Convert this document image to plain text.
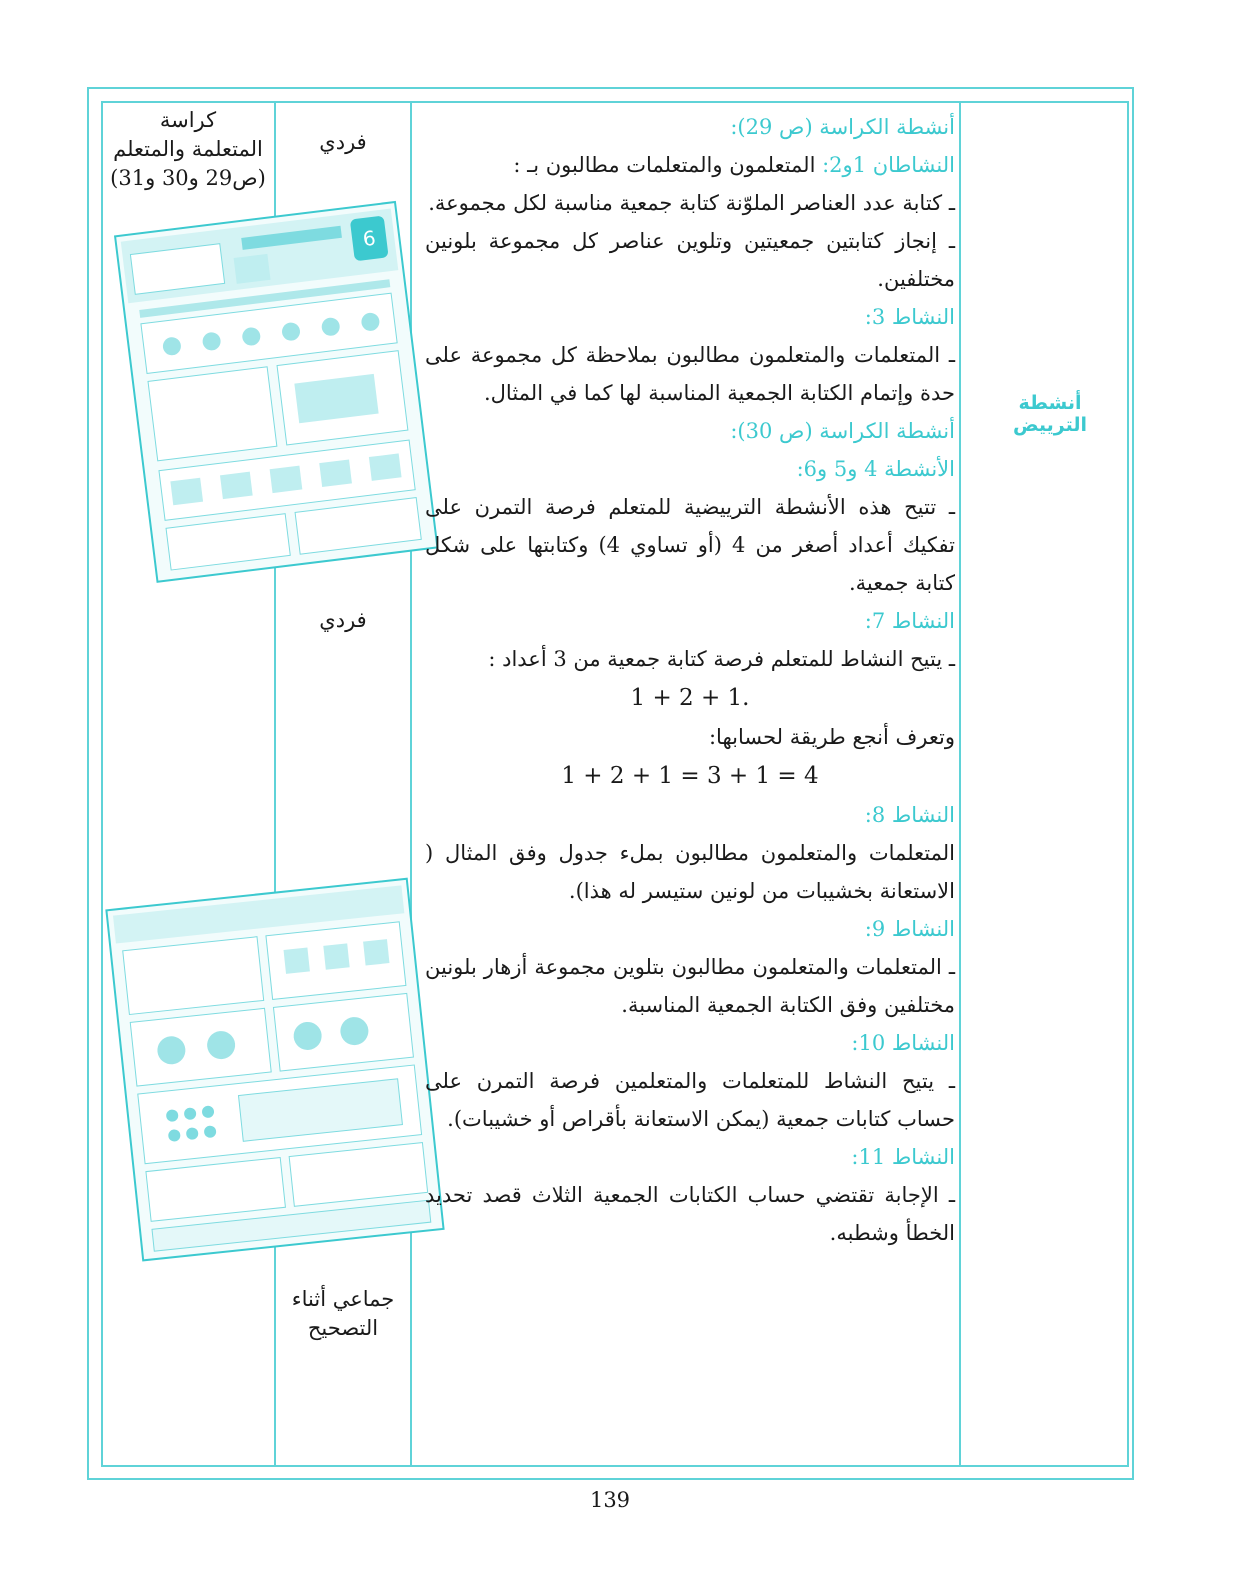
كراسة
المتعلمة والمتعلم
(ص29 و30 و31)
فردي
فردي
جماعي أثناء
التصحيح
أنشطة الترييض
6

أنشطة الكراسة (ص 29):

النشاطان 1و2: المتعلمون والمتعلمات مطالبون بـ :

ـ كتابة عدد العناصر الملوّنة كتابة جمعية مناسبة لكل مجموعة.

ـ إنجاز كتابتين جمعيتين وتلوين عناصر كل مجموعة بلونين مختلفين.

النشاط 3:

ـ المتعلمات والمتعلمون مطالبون بملاحظة كل مجموعة على حدة وإتمام الكتابة الجمعية المناسبة لها كما في المثال.

أنشطة الكراسة (ص 30):

الأنشطة 4 و5 و6:

ـ تتيح هذه الأنشطة الترييضية للمتعلم فرصة التمرن على تفكيك أعداد أصغر من 4 (أو تساوي 4) وكتابتها على شكل كتابة جمعية.

النشاط 7:

ـ يتيح النشاط للمتعلم فرصة كتابة جمعية من 3 أعداد :

1 + 2 + 1.

وتعرف أنجع طريقة لحسابها:

1 + 2 + 1 = 3 + 1 = 4

النشاط 8:

المتعلمات والمتعلمون مطالبون بملء جدول وفق المثال ( الاستعانة بخشيبات من لونين ستيسر له هذا).

النشاط 9:

ـ المتعلمات والمتعلمون مطالبون بتلوين مجموعة أزهار بلونين مختلفين وفق الكتابة الجمعية المناسبة.

النشاط 10:

ـ يتيح النشاط للمتعلمات والمتعلمين فرصة التمرن على حساب كتابات جمعية (يمكن الاستعانة بأقراص أو خشيبات).

النشاط 11:

ـ الإجابة تقتضي حساب الكتابات الجمعية الثلاث قصد تحديد الخطأ وشطبه.

139
